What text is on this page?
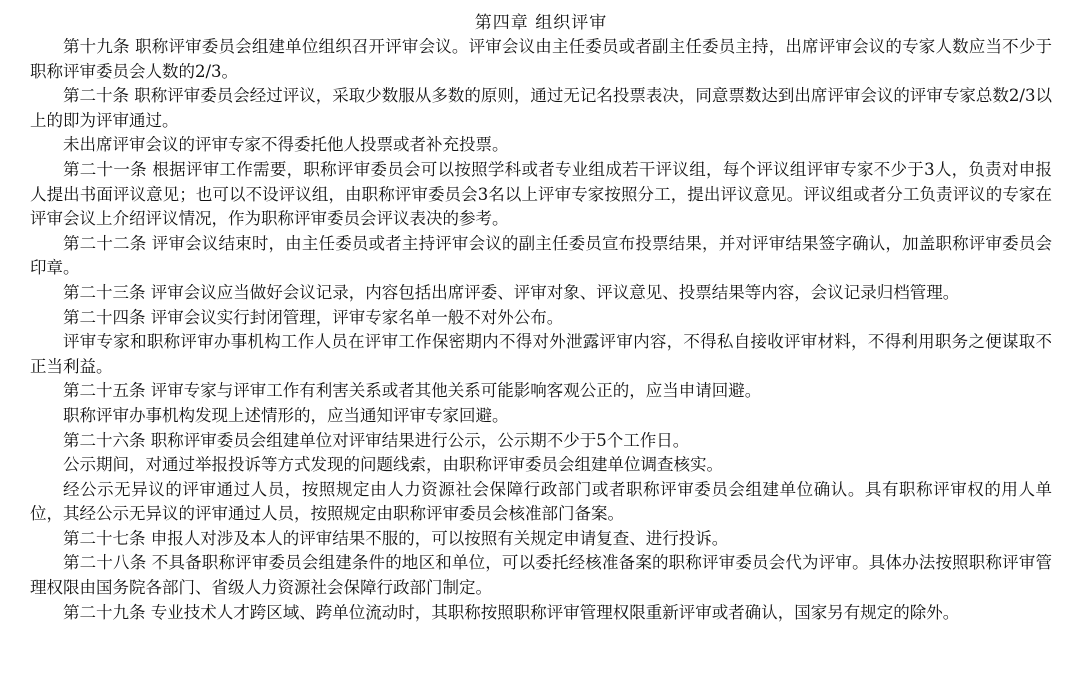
第四章 组织评审

第十九条 职称评审委员会组建单位组织召开评审会议。评审会议由主任委员或者副主任委员主持，出席评审会议的专家人数应当不少于职称评审委员会人数的2/3。

第二十条 职称评审委员会经过评议，采取少数服从多数的原则，通过无记名投票表决，同意票数达到出席评审会议的评审专家总数2/3以上的即为评审通过。

未出席评审会议的评审专家不得委托他人投票或者补充投票。

第二十一条 根据评审工作需要，职称评审委员会可以按照学科或者专业组成若干评议组，每个评议组评审专家不少于3人，负责对申报人提出书面评议意见；也可以不设评议组，由职称评审委员会3名以上评审专家按照分工，提出评议意见。评议组或者分工负责评议的专家在评审会议上介绍评议情况，作为职称评审委员会评议表决的参考。

第二十二条 评审会议结束时，由主任委员或者主持评审会议的副主任委员宣布投票结果，并对评审结果签字确认，加盖职称评审委员会印章。

第二十三条 评审会议应当做好会议记录，内容包括出席评委、评审对象、评议意见、投票结果等内容，会议记录归档管理。

第二十四条 评审会议实行封闭管理，评审专家名单一般不对外公布。

评审专家和职称评审办事机构工作人员在评审工作保密期内不得对外泄露评审内容，不得私自接收评审材料，不得利用职务之便谋取不正当利益。

第二十五条 评审专家与评审工作有利害关系或者其他关系可能影响客观公正的，应当申请回避。

职称评审办事机构发现上述情形的，应当通知评审专家回避。

第二十六条 职称评审委员会组建单位对评审结果进行公示，公示期不少于5个工作日。

公示期间，对通过举报投诉等方式发现的问题线索，由职称评审委员会组建单位调查核实。

经公示无异议的评审通过人员，按照规定由人力资源社会保障行政部门或者职称评审委员会组建单位确认。具有职称评审权的用人单位，其经公示无异议的评审通过人员，按照规定由职称评审委员会核准部门备案。

第二十七条 申报人对涉及本人的评审结果不服的，可以按照有关规定申请复查、进行投诉。

第二十八条 不具备职称评审委员会组建条件的地区和单位，可以委托经核准备案的职称评审委员会代为评审。具体办法按照职称评审管理权限由国务院各部门、省级人力资源社会保障行政部门制定。

第二十九条 专业技术人才跨区域、跨单位流动时，其职称按照职称评审管理权限重新评审或者确认，国家另有规定的除外。
